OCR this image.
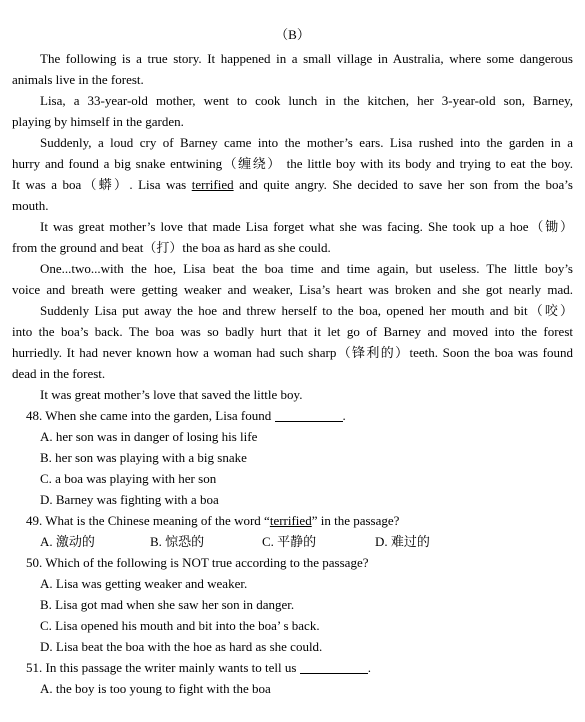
（B）
The following is a true story. It happened in a small village in Australia, where some dangerous
animals live in the forest.
Lisa, a 33-year-old mother, went to cook lunch in the kitchen, her 3-year-old son, Barney,
playing by himself in the garden.
Suddenly, a loud cry of Barney came into the mother’s ears. Lisa rushed into the garden in a
hurry and found a big snake entwining（缠绕） the little boy with its body and trying to eat the boy.
It was a boa（蟒）. Lisa was terrified and quite angry. She decided to save her son from the boa’s
mouth.
It was great mother’s love that made Lisa forget what she was facing. She took up a hoe（锄）
from the ground and beat（打）the boa as hard as she could.
One...two...with the hoe, Lisa beat the boa time and time again, but useless. The little boy’s
voice and breath were getting weaker and weaker, Lisa’s heart was broken and she got nearly mad.
Suddenly Lisa put away the hoe and threw herself to the boa, opened her mouth and bit（咬）
into the boa’s back. The boa was so badly hurt that it let go of Barney and moved into the forest
hurriedly. It had never known how a woman had such sharp（锋利的）teeth. Soon the boa was found
dead in the forest.
It was great mother’s love that saved the little boy.
48. When she came into the garden, Lisa found	.
A. her son was in danger of losing his life
B. her son was playing with a big snake
C. a boa was playing with her son
D. Barney was fighting with a boa
49. What is the Chinese meaning of the word “terrified” in the passage?
A. 激动的	B. 惊恐的	C. 平静的	D. 难过的
50. Which of the following is NOT true according to the passage?
A. Lisa was getting weaker and weaker.
B. Lisa got mad when she saw her son in danger.
C. Lisa opened his mouth and bit into the boa’ s back.
D. Lisa beat the boa with the hoe as hard as she could.
51. In this passage the writer mainly wants to tell us	.
A. the boy is too young to fight with the boa
